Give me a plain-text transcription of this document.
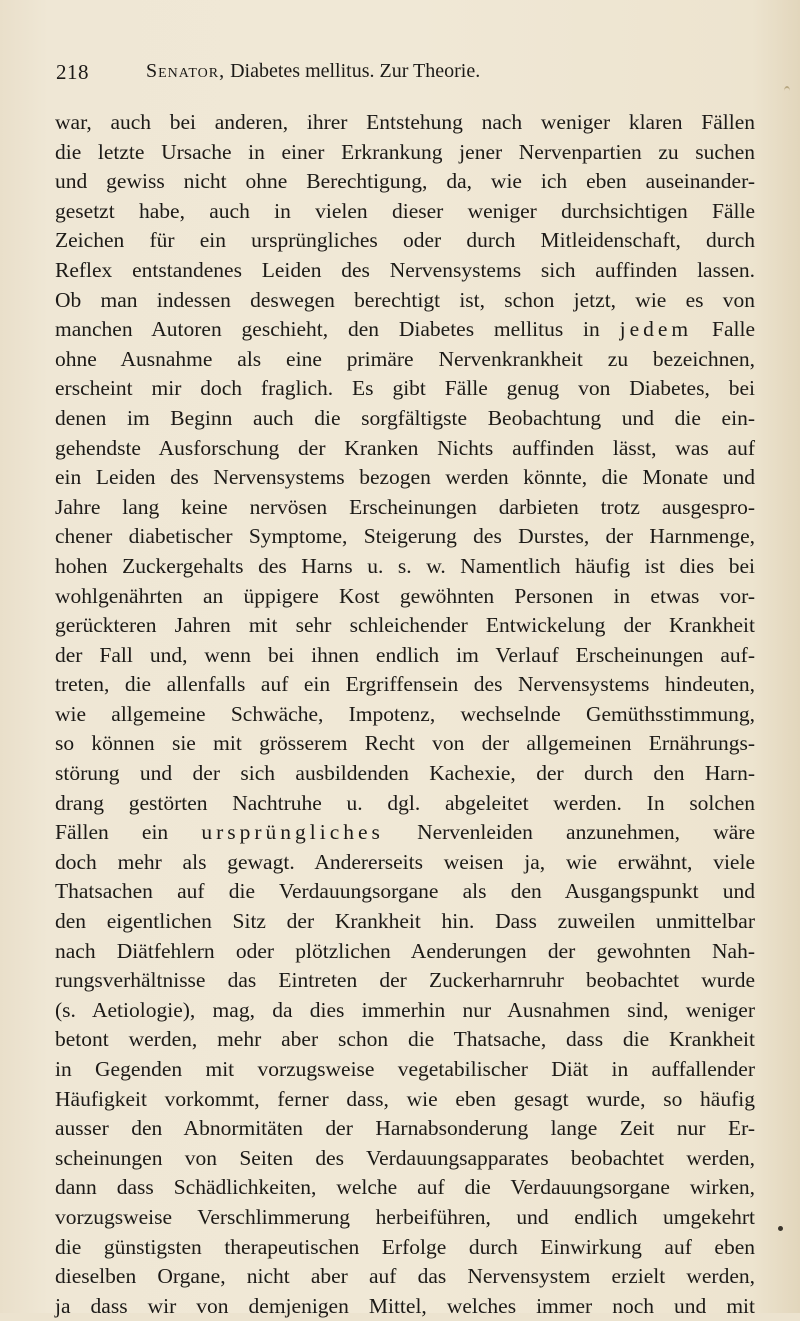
218	Senator, Diabetes mellitus. Zur Theorie.
war, auch bei anderen, ihrer Entstehung nach weniger klaren Fällen
die letzte Ursache in einer Erkrankung jener Nervenpartien zu suchen
und gewiss nicht ohne Berechtigung, da, wie ich eben auseinander-
gesetzt habe, auch in vielen dieser weniger durchsichtigen Fälle
Zeichen für ein ursprüngliches oder durch Mitleidenschaft, durch
Reflex entstandenes Leiden des Nervensystems sich auffinden lassen.
Ob man indessen deswegen berechtigt ist, schon jetzt, wie es von
manchen Autoren geschieht, den Diabetes mellitus in jedem Falle
ohne Ausnahme als eine primäre Nervenkrankheit zu bezeichnen,
erscheint mir doch fraglich. Es gibt Fälle genug von Diabetes, bei
denen im Beginn auch die sorgfältigste Beobachtung und die ein-
gehendste Ausforschung der Kranken Nichts auffinden lässt, was auf
ein Leiden des Nervensystems bezogen werden könnte, die Monate und
Jahre lang keine nervösen Erscheinungen darbieten trotz ausgespro-
chener diabetischer Symptome, Steigerung des Durstes, der Harnmenge,
hohen Zuckergehalts des Harns u. s. w. Namentlich häufig ist dies bei
wohlgenährten an üppigere Kost gewöhnten Personen in etwas vor-
gerückteren Jahren mit sehr schleichender Entwickelung der Krankheit
der Fall und, wenn bei ihnen endlich im Verlauf Erscheinungen auf-
treten, die allenfalls auf ein Ergriffensein des Nervensystems hindeuten,
wie allgemeine Schwäche, Impotenz, wechselnde Gemüthsstimmung,
so können sie mit grösserem Recht von der allgemeinen Ernährungs-
störung und der sich ausbildenden Kachexie, der durch den Harn-
drang gestörten Nachtruhe u. dgl. abgeleitet werden. In solchen
Fällen ein ursprüngliches Nervenleiden anzunehmen, wäre
doch mehr als gewagt. Andererseits weisen ja, wie erwähnt, viele
Thatsachen auf die Verdauungsorgane als den Ausgangspunkt und
den eigentlichen Sitz der Krankheit hin. Dass zuweilen unmittelbar
nach Diätfehlern oder plötzlichen Aenderungen der gewohnten Nah-
rungsverhältnisse das Eintreten der Zuckerharnruhr beobachtet wurde
(s. Aetiologie), mag, da dies immerhin nur Ausnahmen sind, weniger
betont werden, mehr aber schon die Thatsache, dass die Krankheit
in Gegenden mit vorzugsweise vegetabilischer Diät in auffallender
Häufigkeit vorkommt, ferner dass, wie eben gesagt wurde, so häufig
ausser den Abnormitäten der Harnabsonderung lange Zeit nur Er-
scheinungen von Seiten des Verdauungsapparates beobachtet werden,
dann dass Schädlichkeiten, welche auf die Verdauungsorgane wirken,
vorzugsweise Verschlimmerung herbeiführen, und endlich umgekehrt
die günstigsten therapeutischen Erfolge durch Einwirkung auf eben
dieselben Organe, nicht aber auf das Nervensystem erzielt werden,
ja dass wir von demjenigen Mittel, welches immer noch und mit
